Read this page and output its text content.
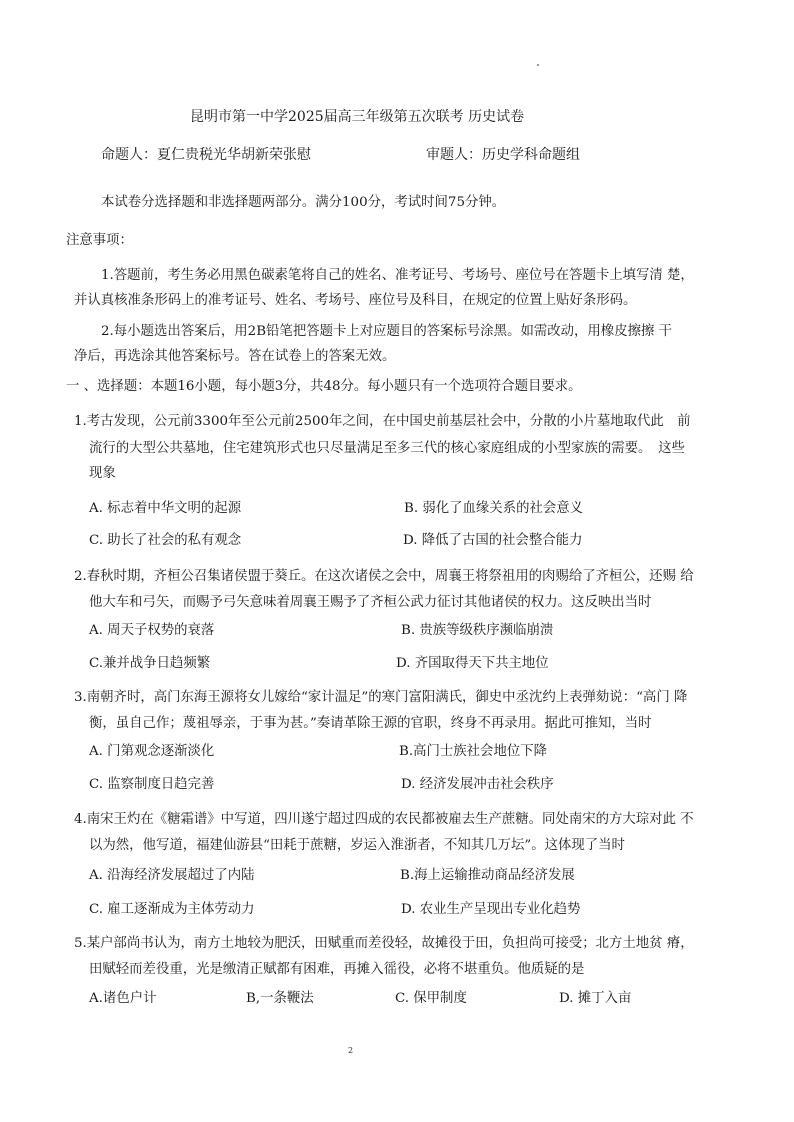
昆明市第一中学2025届高三年级第五次联考 历史试卷
命题人：夏仁贵税光华胡新荣张慰	审题人：历史学科命题组
本试卷分选择题和非选择题两部分。满分100分，考试时间75分钟。
注意事项：
1.答题前，考生务必用黑色碳素笔将自己的姓名、准考证号、考场号、座位号在答题卡上填写清 楚，
并认真核准条形码上的准考证号、姓名、考场号、座位号及科目，在规定的位置上贴好条形码。
2.每小题选出答案后，用2B铅笔把答题卡上对应题目的答案标号涂黑。如需改动，用橡皮擦擦 干
净后，再选涂其他答案标号。答在试卷上的答案无效。
一 、选择题：本题16小题，每小题3分，共48分。每小题只有一个选项符合题目要求。
1.考古发现，公元前3300年至公元前2500年之间，在中国史前基层社会中，分散的小片墓地取代此　前
流行的大型公共墓地，住宅建筑形式也只尽量满足至多三代的核心家庭组成的小型家族的需要。　这些
现象
A. 标志着中华文明的起源	B. 弱化了血缘关系的社会意义
C. 助长了社会的私有观念	D. 降低了古国的社会整合能力
2.春秋时期，齐桓公召集诸侯盟于葵丘。在这次诸侯之会中，周襄王将祭祖用的肉赐给了齐桓公，还赐 给
他大车和弓矢，而赐予弓矢意味着周襄王赐予了齐桓公武力征讨其他诸侯的权力。这反映出当时
A. 周天子权势的衰落	B. 贵族等级秩序濒临崩溃
C.兼并战争日趋频繁	D. 齐国取得天下共主地位
3.南朝齐时，高门东海王源将女儿嫁给“家计温足”的寒门富阳满氏，御史中丞沈约上表弹劾说：“高门 降
衡，虽自己作；蔑祖辱亲，于事为甚。”奏请革除王源的官职，终身不再录用。据此可推知，当时
A. 门第观念逐渐淡化	B.高门士族社会地位下降
C. 监察制度日趋完善	D. 经济发展冲击社会秩序
4.南宋王灼在《糖霜谱》中写道，四川遂宁超过四成的农民都被雇去生产蔗糖。同处南宋的方大琮对此 不
以为然，他写道，福建仙游县“田耗于蔗糖，岁运入淮浙者，不知其几万坛”。这体现了当时
A. 沿海经济发展超过了内陆	B.海上运输推动商品经济发展
C. 雇工逐渐成为主体劳动力	D. 农业生产呈现出专业化趋势
5.某户部尚书认为，南方土地较为肥沃，田赋重而差役轻，故摊役于田，负担尚可接受；北方土地贫 瘠，
田赋轻而差役重，光是缴清正赋都有困难，再摊入徭役，必将不堪重负。他质疑的是
A.诸色户计	B,一条鞭法	C. 保甲制度	D. 摊丁入亩
2
